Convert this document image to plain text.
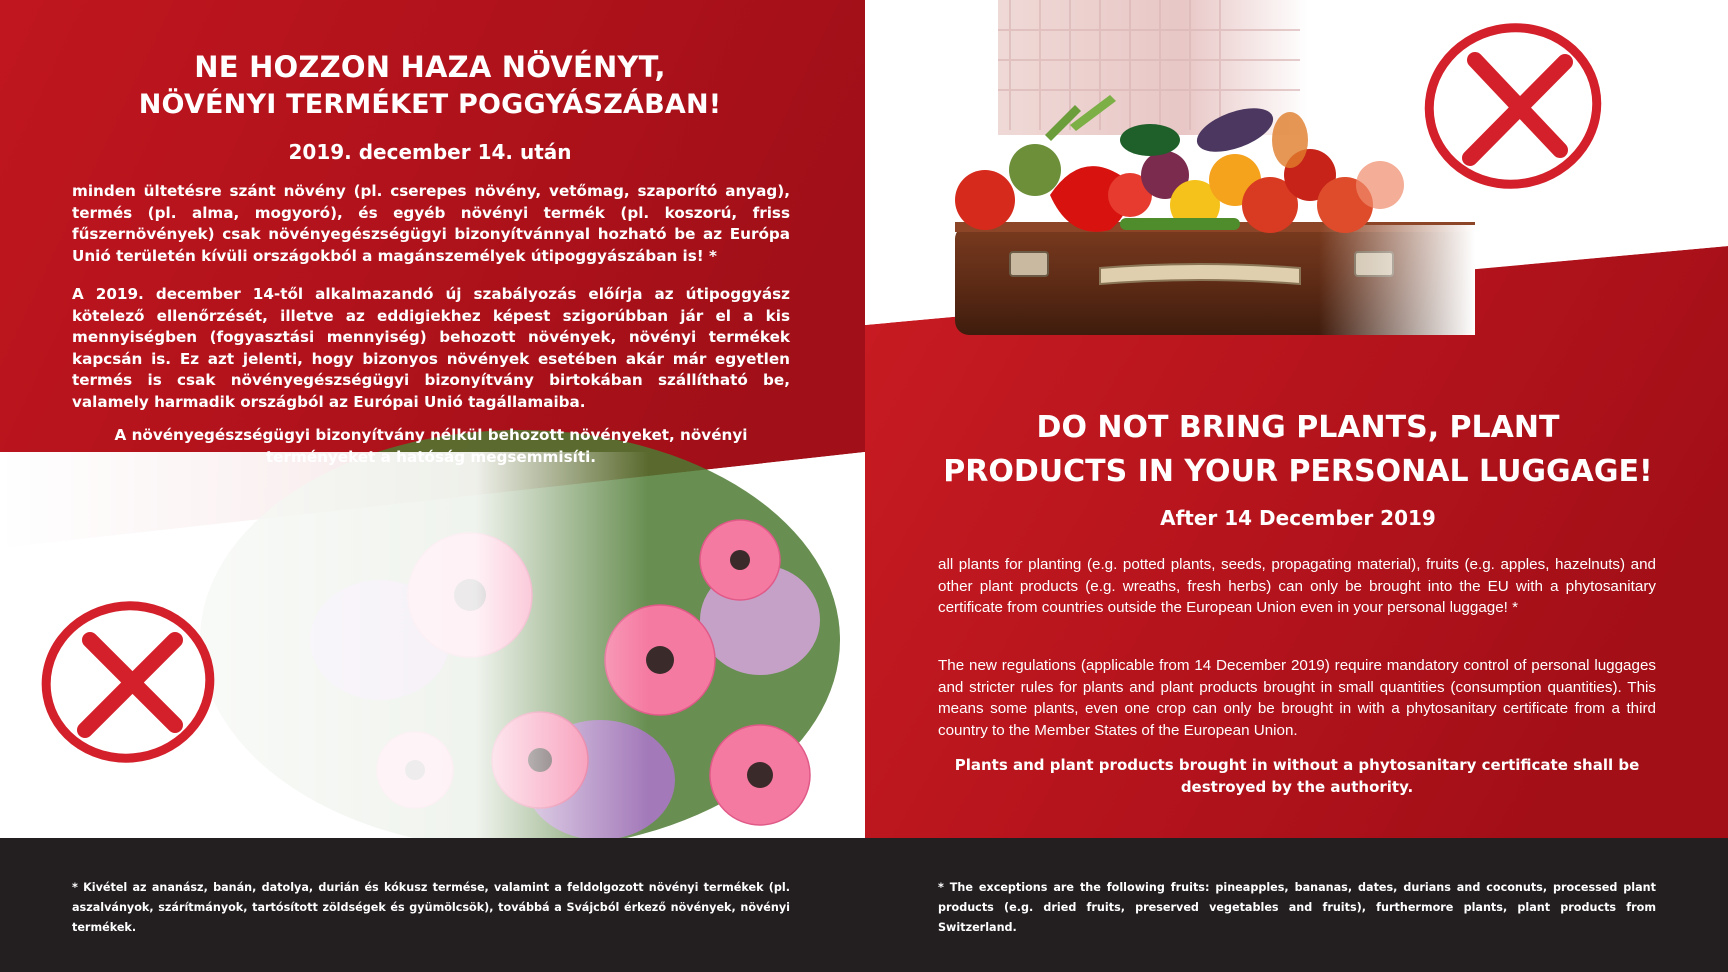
NE HOZZON HAZA NÖVÉNYT,
NÖVÉNYI TERMÉKET POGGYÁSZÁBAN!
2019. december 14. után
minden ültetésre szánt növény (pl. cserepes növény, vetőmag, szaporító anyag), termés (pl. alma, mogyoró), és egyéb növényi termék (pl. koszorú, friss fűszernövények) csak növényegészségügyi bizonyítvánnyal hozható be az Európa Unió területén kívüli országokból a magánszemélyek útipoggyászában is! *
A 2019. december 14-től alkalmazandó új szabályozás előírja az útipoggyász kötelező ellenőrzését, illetve az eddigiekhez képest szigorúbban jár el a kis mennyiségben (fogyasztási mennyiség) behozott növények, növényi termékek kapcsán is. Ez azt jelenti, hogy bizonyos növények esetében akár már egyetlen termés is csak növényegészségügyi bizonyítvány birtokában szállítható be, valamely harmadik országból az Európai Unió tagállamaiba.
A növényegészségügyi bizonyítvány nélkül behozott növényeket, növényi terményeket a hatóság megsemmisíti.
DO NOT BRING PLANTS, PLANT
PRODUCTS IN YOUR PERSONAL LUGGAGE!
After 14 December 2019
all plants for planting (e.g. potted plants, seeds, propagating material), fruits (e.g. apples, hazelnuts) and other plant products (e.g. wreaths, fresh herbs) can only be brought into the EU with a phytosanitary certificate from countries outside the European Union even in your personal luggage! *
The new regulations (applicable from 14 December 2019) require mandatory control of personal luggages and stricter rules for plants and plant products brought in small quantities (consumption quantities). This means some plants, even one crop can only be brought in with a phytosanitary certificate from a third country to the Member States of the European Union.
Plants and plant products brought in without a phytosanitary certificate shall be destroyed by the authority.
* Kivétel az ananász, banán, datolya, durián és kókusz termése, valamint a feldolgozott növényi termékek (pl. aszalványok, szárítmányok, tartósított zöldségek és gyümölcsök), továbbá a Svájcból érkező növények, növényi termékek.
* The exceptions are the following fruits: pineapples, bananas, dates, durians and coconuts, processed plant products (e.g. dried fruits, preserved vegetables and fruits), furthermore plants, plant products from Switzerland.
